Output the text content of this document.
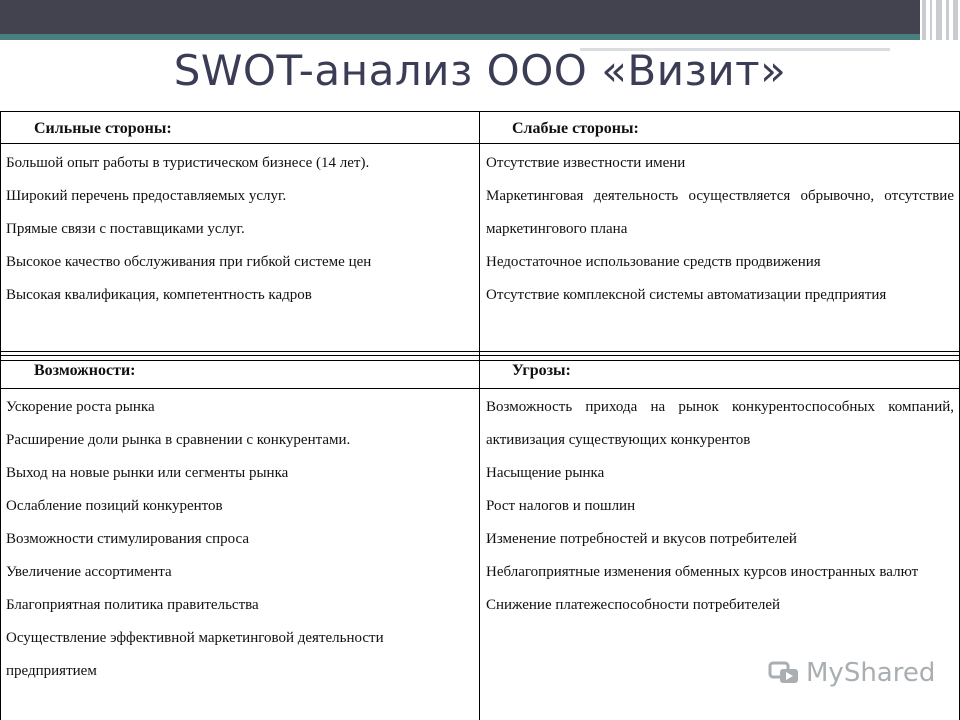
SWOT-анализ ООО «Визит»
Сильные стороны:	Слабые стороны:
Возможности:	Угрозы:

Большой опыт работы в туристическом бизнесе (14 лет).

Широкий перечень предоставляемых услуг.

Прямые связи с поставщиками услуг.

Высокое качество обслуживания при гибкой системе цен

Высокая квалификация, компетентность кадров

Отсутствие известности имени

Маркетинговая деятельность осуществляется обрывочно, отсутствие маркетингового плана

Недостаточное использование средств продвижения

Отсутствие комплексной системы автоматизации предприятия

Ускорение роста рынка

Расширение доли рынка в сравнении с конкурентами.

Выход на новые рынки или сегменты рынка

Ослабление позиций конкурентов

Возможности стимулирования спроса

Увеличение ассортимента

Благоприятная политика правительства

Осуществление эффективной маркетинговой деятельности предприятием

Возможность прихода на рынок конкурентоспособных компаний, активизация существующих конкурентов

Насыщение рынка

Рост налогов и пошлин

Изменение потребностей и вкусов потребителей

Неблагоприятные изменения обменных курсов иностранных валют

Снижение платежеспособности потребителей

MyShared
